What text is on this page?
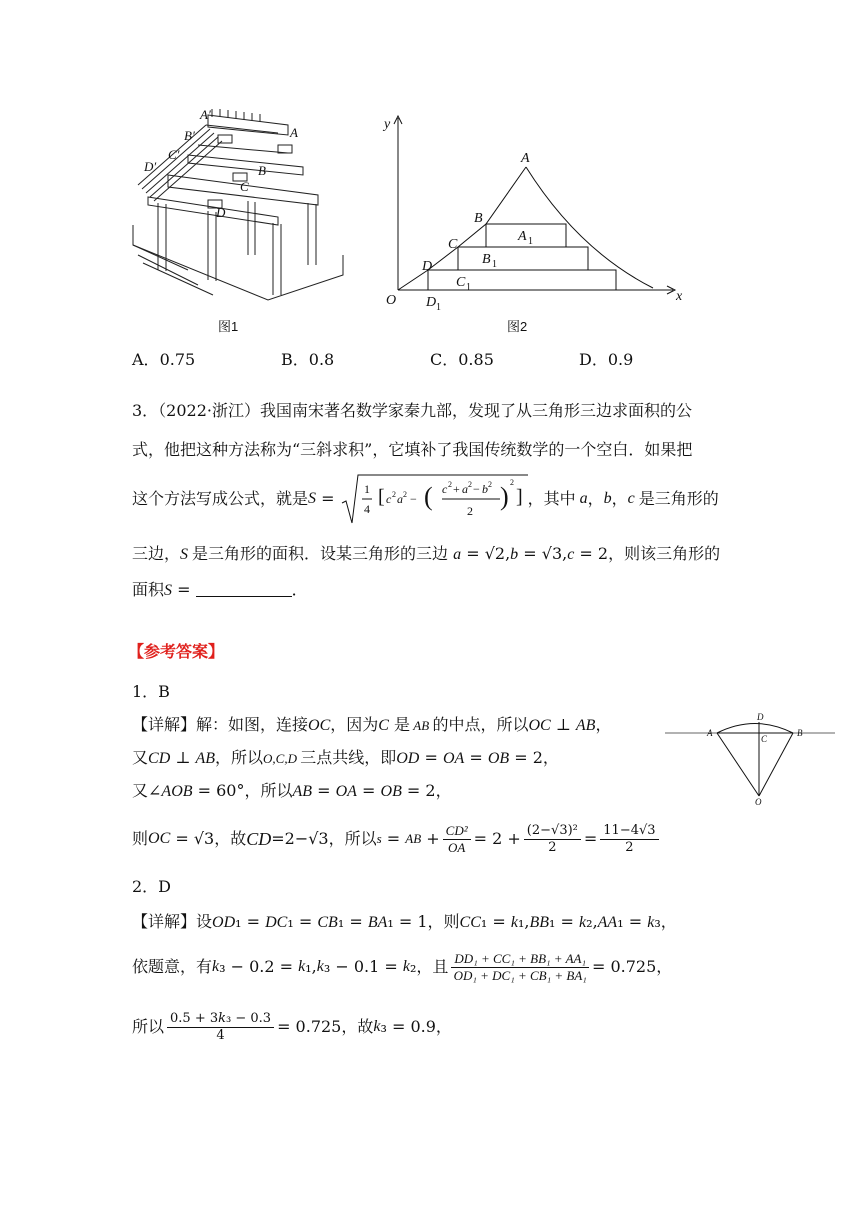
A′
B′
C′
D′
A
B
C
D
图1
y
x
O
A
B
C
D
A 1
B 1
C 1
D 1
图2
A．0.75	B．0.8	C．0.85	D．0.9
3．（2022·浙江）我国南宋著名数学家秦九部，发现了从三角形三边求面积的公
式，他把这种方法称为“三斜求积”，它填补了我国传统数学的一个空白．如果把
这个方法写成公式，就是 S = 1
4
[ c 2 a 2 − ( c 2 + a 2 − b 2
2 ) 2
] ，其中 a ， b ， c 是三角形的
三边，S 是三角形的面积．设某三角形的三边 a = √2,b = √3,c = 2，则该三角形的
面积S =	．
【参考答案】
1．B
【详解】解：如图，连接OC，因为C 是 AB 的中点，所以OC ⊥ AB，
又CD ⊥ AB，所以O,C,D 三点共线，即OD = OA = OB = 2，
又∠AOB = 60°，所以AB = OA = OB = 2，
则 OC = √3 ，故 CD =2−√3 ，所以 s = AB + $\frac{\text{CD²}}{OA} = 2 + \frac{\text{(2−√3)²}}{2} = \frac{11-4√3}{2}$
A	B
C
D
O
2．D
【详解】设OD₁ = DC₁ = CB₁ = BA₁ = 1，则CC₁ = k₁,BB₁ = k₂,AA₁ = k₃，
依题意，有 k ₃ − 0.2 = k ₁, k ₃ − 0.1 = k ₂ ，且 $\frac{\text{DD₁ + CC₁ + BB₁ + AA₁}}{\text{OD₁ + DC₁ + CB₁ + BA₁}} = 0.725$，
所以 $\frac{\text{0.5 + 3k₃ − 0.3}}{4} = 0.725$ ，故 k ₃ = 0.9，
